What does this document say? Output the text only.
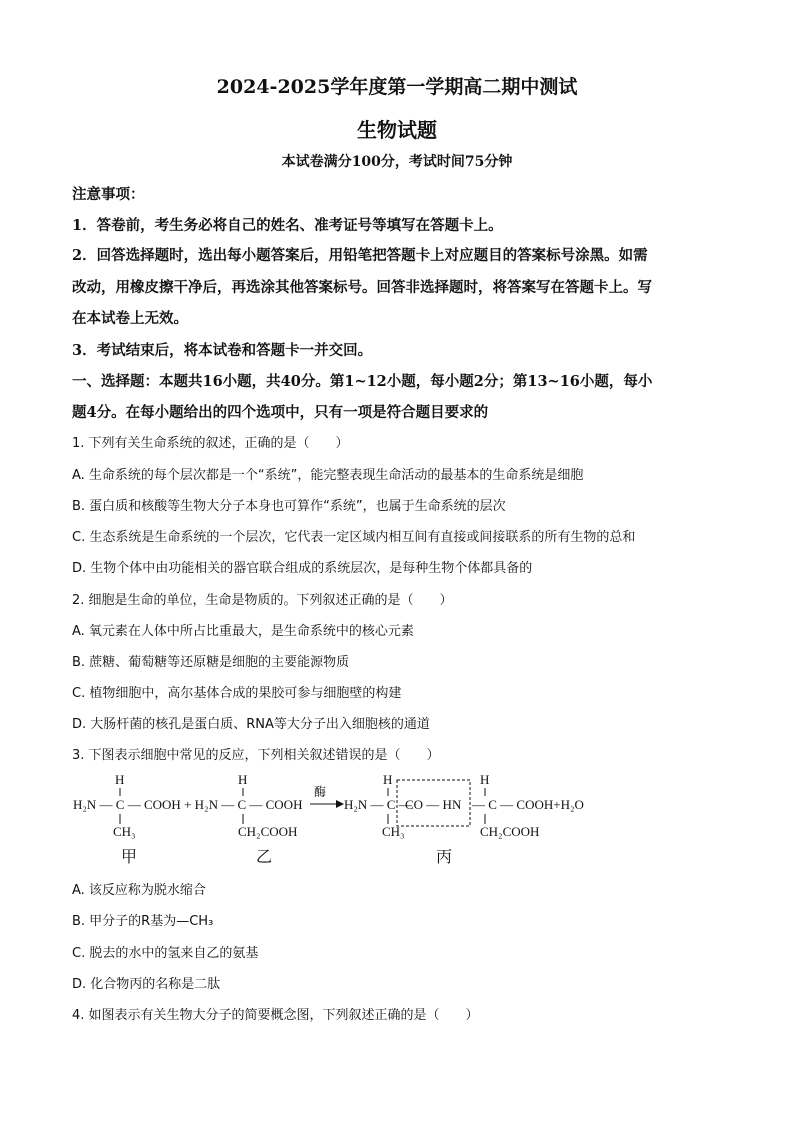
2024-2025学年度第一学期高二期中测试
生物试题
本试卷满分100分，考试时间75分钟
注意事项：
1．答卷前，考生务必将自己的姓名、准考证号等填写在答题卡上。
2．回答选择题时，选出每小题答案后，用铅笔把答题卡上对应题目的答案标号涂黑。如需
改动，用橡皮擦干净后，再选涂其他答案标号。回答非选择题时，将答案写在答题卡上。写
在本试卷上无效。
3．考试结束后，将本试卷和答题卡一并交回。
一、选择题：本题共16小题，共40分。第1~12小题，每小题2分；第13~16小题，每小
题4分。在每小题给出的四个选项中，只有一项是符合题目要求的
1. 下列有关生命系统的叙述，正确的是（　　）
A. 生命系统的每个层次都是一个“系统”，能完整表现生命活动的最基本的生命系统是细胞
B. 蛋白质和核酸等生物大分子本身也可算作“系统”，也属于生命系统的层次
C. 生态系统是生命系统的一个层次，它代表一定区域内相互间有直接或间接联系的所有生物的总和
D. 生物个体中由功能相关的器官联合组成的系统层次，是每种生物个体都具备的
2. 细胞是生命的单位，生命是物质的。下列叙述正确的是（　　）
A. 氧元素在人体中所占比重最大，是生命系统中的核心元素
B. 蔗糖、葡萄糖等还原糖是细胞的主要能源物质
C. 植物细胞中，高尔基体合成的果胶可参与细胞壁的构建
D. 大肠杆菌的核孔是蛋白质、RNA等大分子出入细胞核的通道
3. 下图表示细胞中常见的反应，下列相关叙述错误的是（　　）
H	H	H	H
H₂N — C — COOH + H₂N — C — COOH
酶
H₂N — C —
CO — HN — C — COOH+H₂O
CH₃	CH₂COOH	CH₃	CH₂COOH
甲	乙	丙
A. 该反应称为脱水缩合
B. 甲分子的R基为—CH₃
C. 脱去的水中的氢来自乙的氨基
D. 化合物丙的名称是二肽
4. 如图表示有关生物大分子的简要概念图，下列叙述正确的是（　　）
